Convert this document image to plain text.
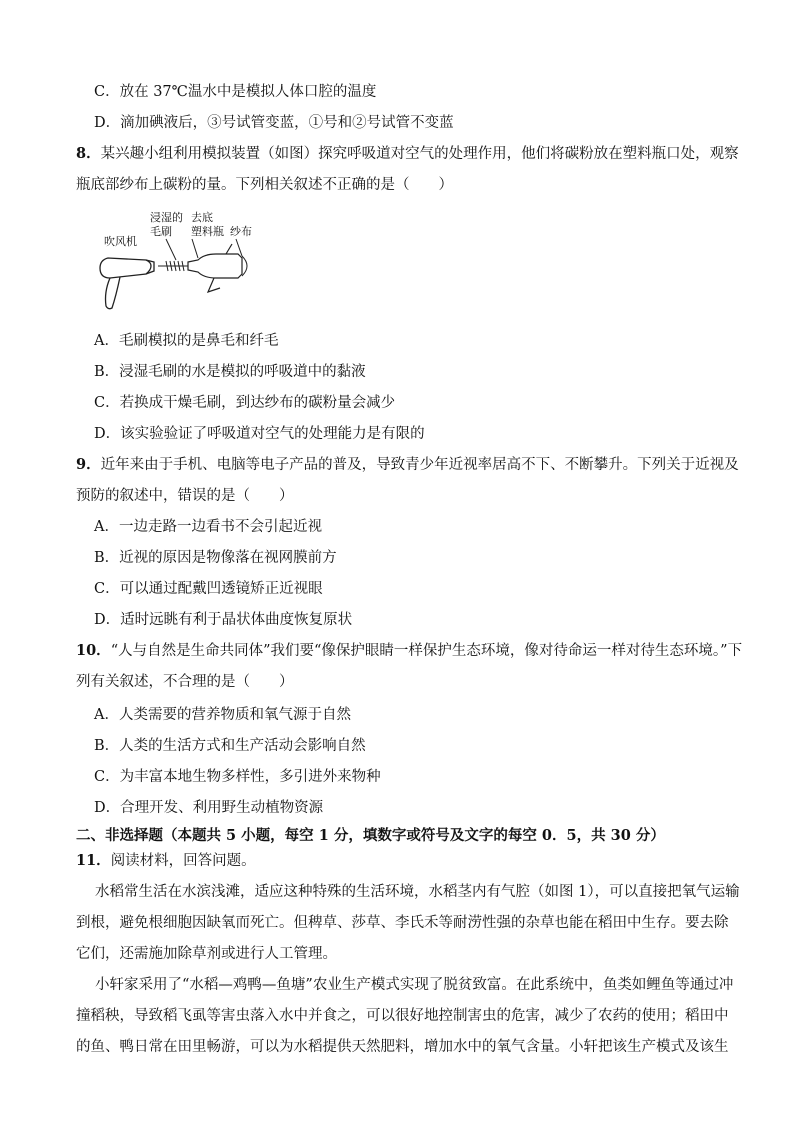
C．放在 37℃温水中是模拟人体口腔的温度
D．滴加碘液后，③号试管变蓝，①号和②号试管不变蓝
8．某兴趣小组利用模拟装置（如图）探究呼吸道对空气的处理作用，他们将碳粉放在塑料瓶口处，观察
瓶底部纱布上碳粉的量。下列相关叙述不正确的是（　　）
浸湿的
毛刷
去底
塑料瓶 纱布
吹风机
A．毛刷模拟的是鼻毛和纤毛
B．浸湿毛刷的水是模拟的呼吸道中的黏液
C．若换成干燥毛刷，到达纱布的碳粉量会减少
D．该实验验证了呼吸道对空气的处理能力是有限的
9．近年来由于手机、电脑等电子产品的普及，导致青少年近视率居高不下、不断攀升。下列关于近视及
预防的叙述中，错误的是（　　）
A．一边走路一边看书不会引起近视
B．近视的原因是物像落在视网膜前方
C．可以通过配戴凹透镜矫正近视眼
D．适时远眺有利于晶状体曲度恢复原状
10．“人与自然是生命共同体”我们要“像保护眼睛一样保护生态环境，像对待命运一样对待生态环境。”下
列有关叙述，不合理的是（　　）
A．人类需要的营养物质和氧气源于自然
B．人类的生活方式和生产活动会影响自然
C．为丰富本地生物多样性，多引进外来物种
D．合理开发、利用野生动植物资源
二、非选择题（本题共 5 小题，每空 1 分，填数字或符号及文字的每空 0．5，共 30 分）
11．阅读材料，回答问题。
水稻常生活在水滨浅滩，适应这种特殊的生活环境，水稻茎内有气腔（如图 1），可以直接把氧气运输
到根，避免根细胞因缺氧而死亡。但稗草、莎草、李氏禾等耐涝性强的杂草也能在稻田中生存。要去除
它们，还需施加除草剂或进行人工管理。
小轩家采用了“水稻—鸡鸭—鱼塘”农业生产模式实现了脱贫致富。在此系统中，鱼类如鲤鱼等通过冲
撞稻秧，导致稻飞虱等害虫落入水中并食之，可以很好地控制害虫的危害，减少了农药的使用；稻田中
的鱼、鸭日常在田里畅游，可以为水稻提供天然肥料，增加水中的氧气含量。小轩把该生产模式及该生
